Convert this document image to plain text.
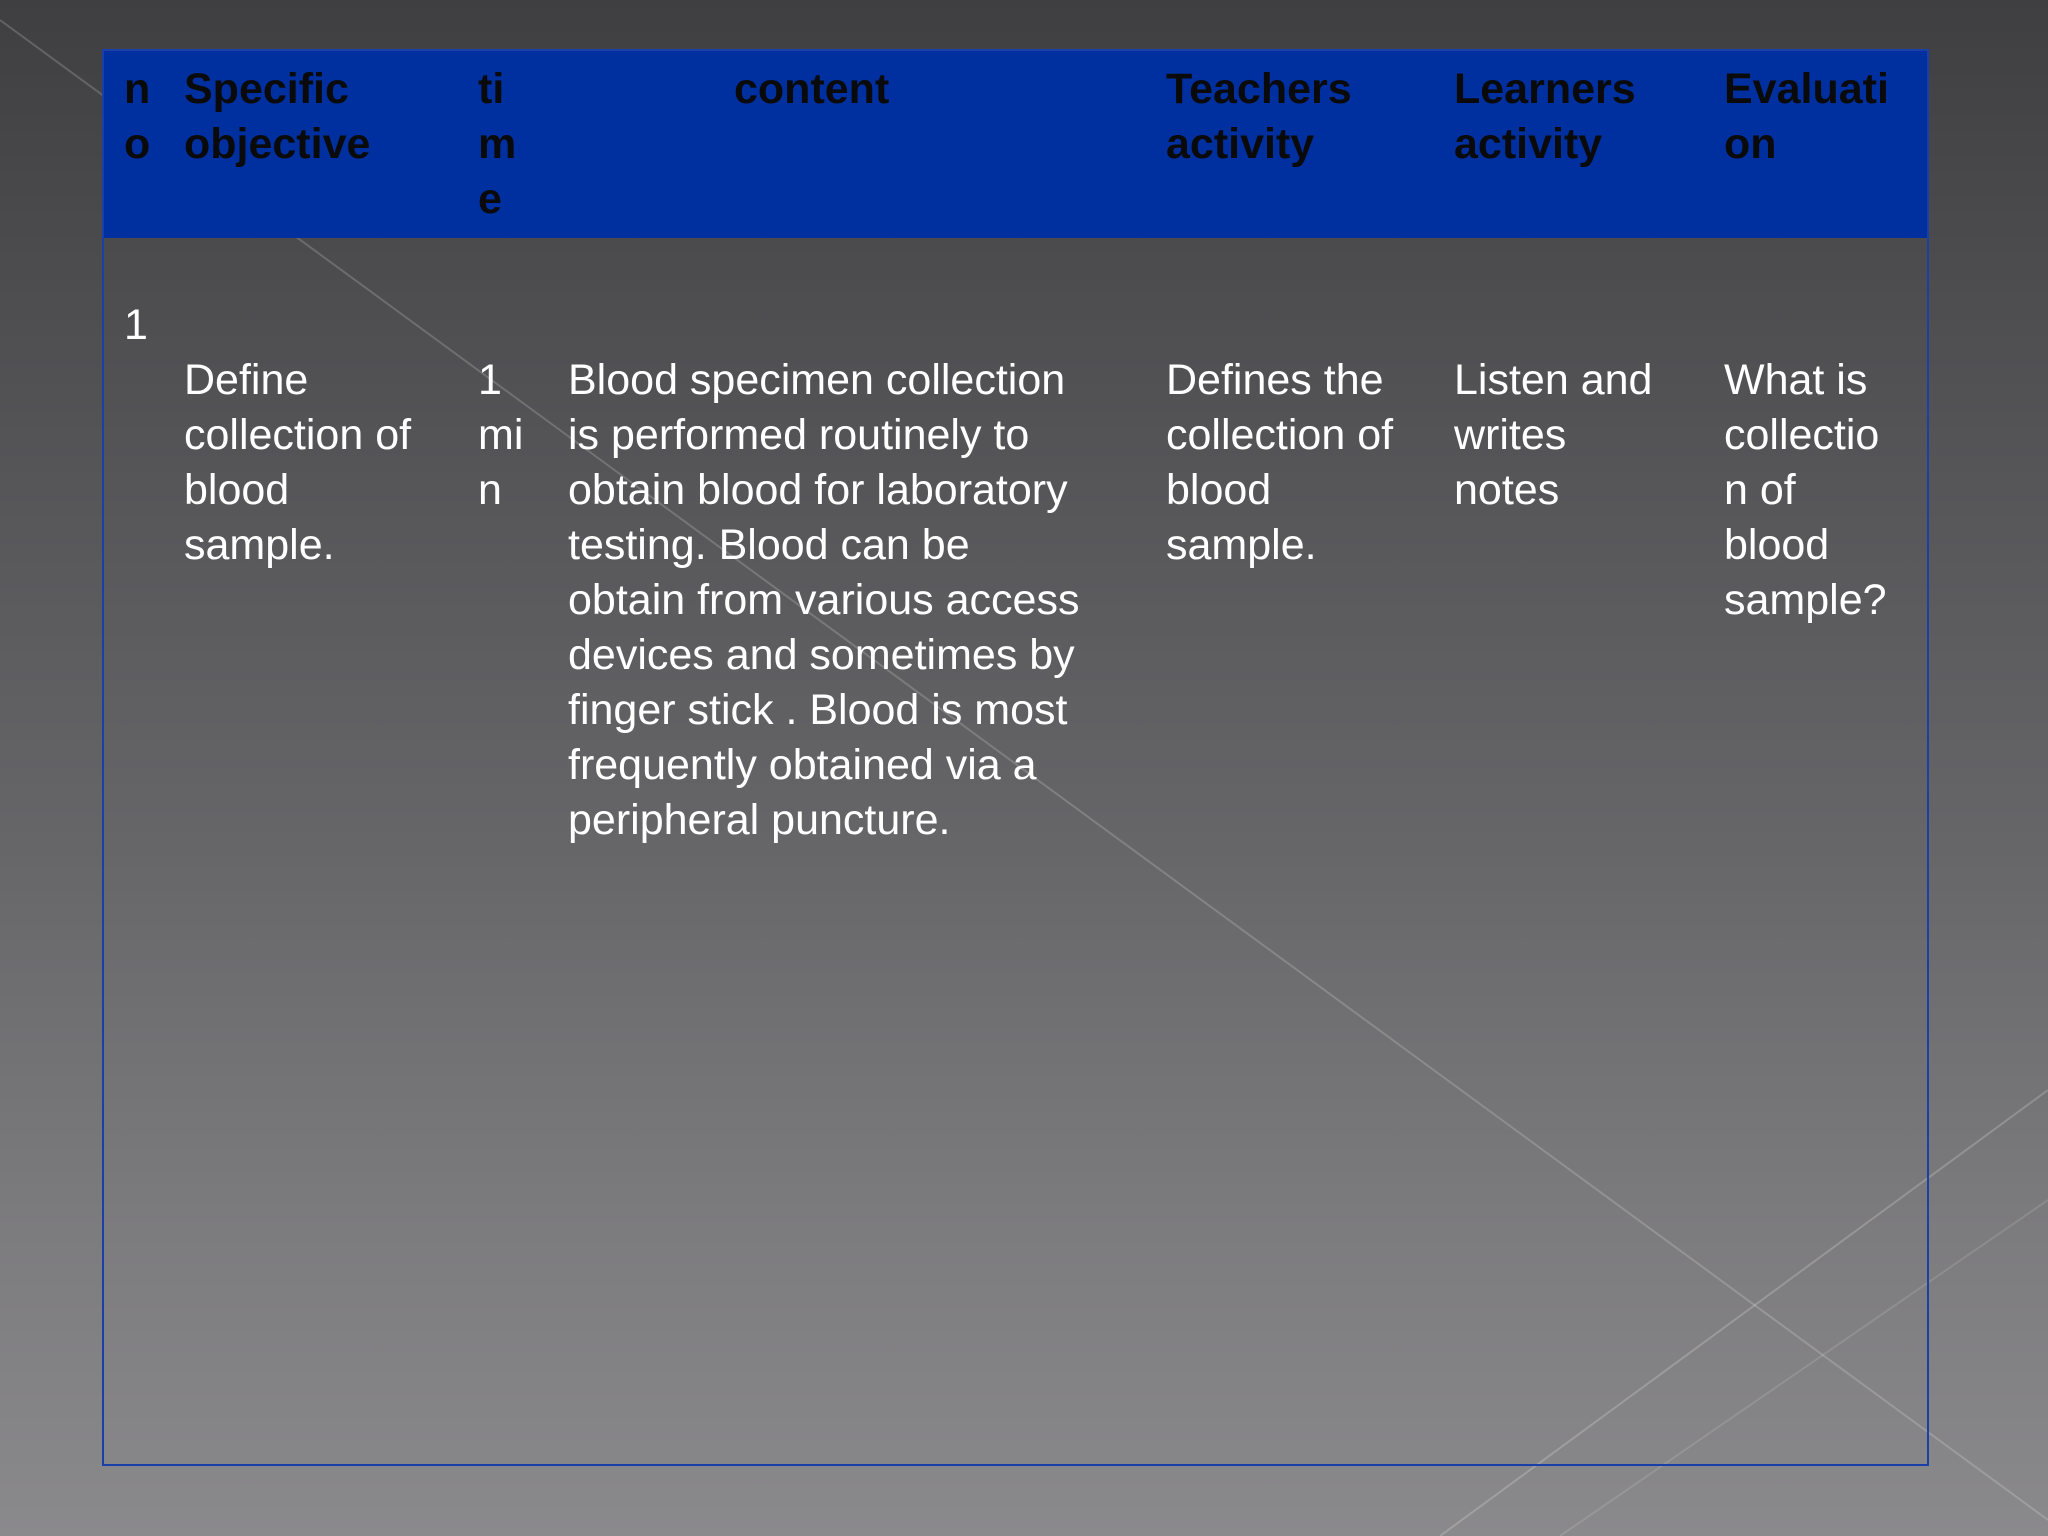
n
o
Specific
objective
ti
m
e
content	Teachers
activity
Learners
activity
Evaluati
on
1
Define
collection of
blood
sample.
1
mi
n
Blood specimen collection
is performed routinely to
obtain blood for laboratory
testing. Blood can be
obtain from various access
devices and sometimes by
finger stick . Blood is most
frequently obtained via a
peripheral puncture.
Defines the
collection of
blood
sample.
Listen and
writes
notes
What is
collectio
n of
blood
sample?
